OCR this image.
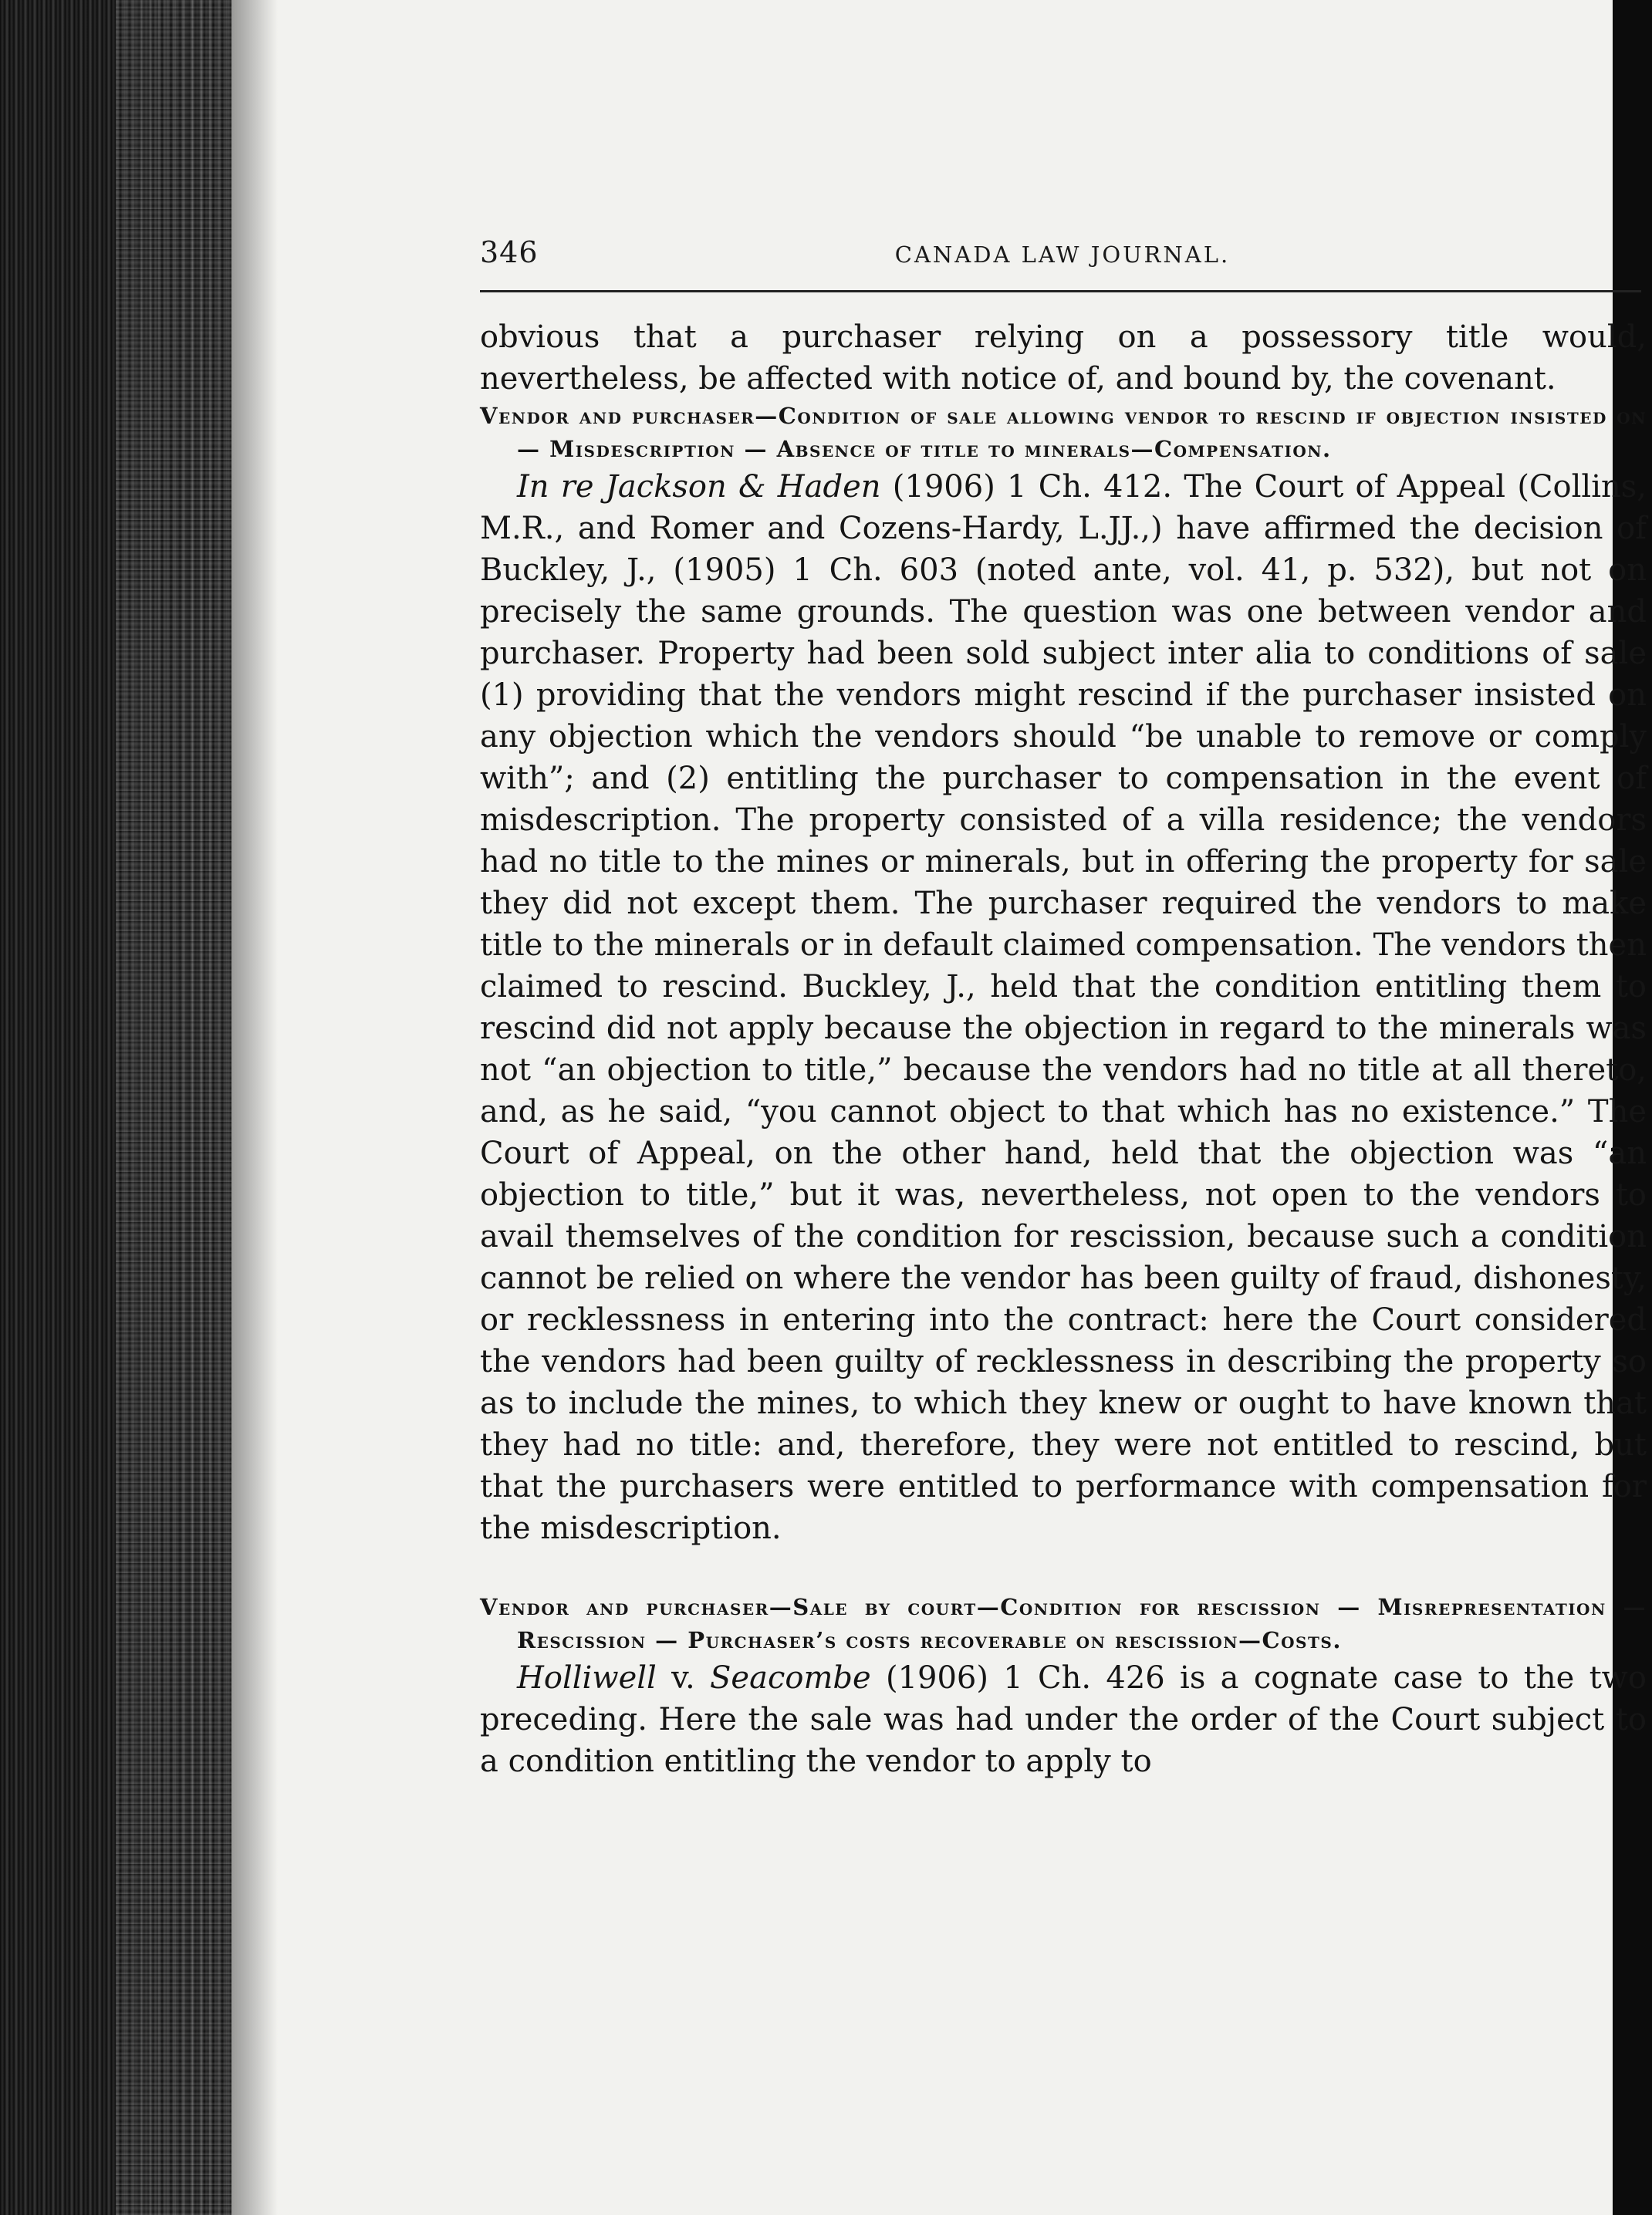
346	CANADA LAW JOURNAL.

obvious that a purchaser relying on a possessory title would, nevertheless, be affected with notice of, and bound by, the covenant.

Vendor and purchaser—Condition of sale allowing vendor to rescind if objection insisted on — Misdescription — Absence of title to minerals—Compensation.

In re Jackson & Haden (1906) 1 Ch. 412. The Court of Appeal (Collins, M.R., and Romer and Cozens-Hardy, L.JJ.,) have affirmed the decision of Buckley, J., (1905) 1 Ch. 603 (noted ante, vol. 41, p. 532), but not on precisely the same grounds. The question was one between vendor and purchaser. Property had been sold subject inter alia to conditions of sale (1) providing that the vendors might rescind if the purchaser insisted on any objection which the vendors should “be unable to remove or comply with”; and (2) entitling the purchaser to compensation in the event of misdescription. The property consisted of a villa residence; the vendors had no title to the mines or minerals, but in offering the property for sale they did not except them. The purchaser required the vendors to make title to the minerals or in default claimed compensation. The vendors then claimed to rescind. Buckley, J., held that the condition entitling them to rescind did not apply because the objection in regard to the minerals was not “an objection to title,” because the vendors had no title at all thereto, and, as he said, “you cannot object to that which has no existence.” The Court of Appeal, on the other hand, held that the objection was “an objection to title,” but it was, nevertheless, not open to the vendors to avail themselves of the condition for rescission, because such a condition cannot be relied on where the vendor has been guilty of fraud, dishonesty, or recklessness in entering into the contract: here the Court considered the vendors had been guilty of recklessness in describing the property so as to include the mines, to which they knew or ought to have known that they had no title: and, therefore, they were not entitled to rescind, but that the purchasers were entitled to performance with compensation for the misdescription.

Vendor and purchaser—Sale by court—Condition for rescission — Misrepresentation — Rescission — Purchaser’s costs recoverable on rescission—Costs.

Holliwell v. Seacombe (1906) 1 Ch. 426 is a cognate case to the two preceding. Here the sale was had under the order of the Court subject to a condition entitling the vendor to apply to
